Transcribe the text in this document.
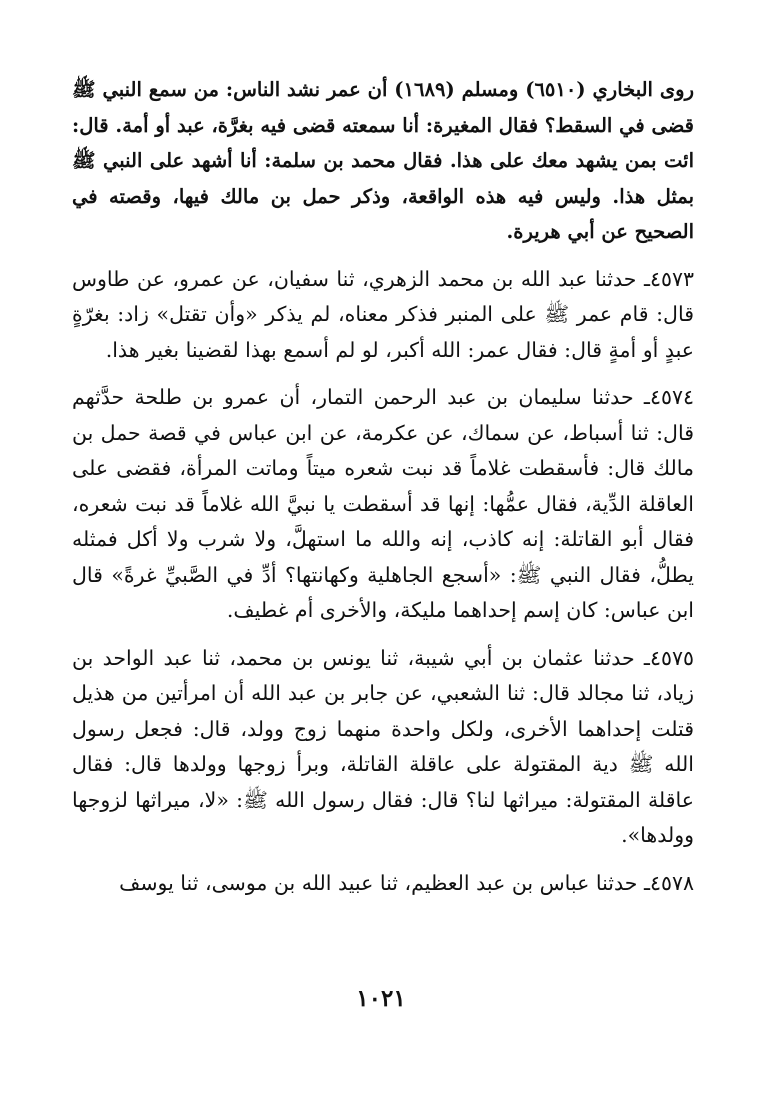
روى البخاري (٦٥١٠) ومسلم (١٦٨٩) أن عمر نشد الناس: من سمع النبي ﷺ قضى في السقط؟ فقال المغيرة: أنا سمعته قضى فيه بغرَّة، عبد أو أمة. قال: ائت بمن يشهد معك على هذا. فقال محمد بن سلمة: أنا أشهد على النبي ﷺ بمثل هذا. وليس فيه هذه الواقعة، وذكر حمل بن مالك فيها، وقصته في الصحيح عن أبي هريرة.

٤٥٧٣ـ حدثنا عبد الله بن محمد الزهري، ثنا سفيان، عن عمرو، عن طاوس قال: قام عمر ﷺ على المنبر فذكر معناه، لم يذكر «وأن تقتل» زاد: بغرّةٍ عبدٍ أو أمةٍ قال: فقال عمر: الله أكبر، لو لم أسمع بهذا لقضينا بغير هذا.

٤٥٧٤ـ حدثنا سليمان بن عبد الرحمن التمار، أن عمرو بن طلحة حدَّثهم قال: ثنا أسباط، عن سماك، عن عكرمة، عن ابن عباس في قصة حمل بن مالك قال: فأسقطت غلاماً قد نبت شعره ميتاً وماتت المرأة، فقضى على العاقلة الدِّية، فقال عمُّها: إنها قد أسقطت يا نبيَّ الله غلاماً قد نبت شعره، فقال أبو القاتلة: إنه كاذب، إنه والله ما استهلَّ، ولا شرب ولا أكل فمثله يطلُّ، فقال النبي ﷺ: «أسجع الجاهلية وكهانتها؟ أدِّ في الصَّبيِّ غرةً» قال ابن عباس: كان إسم إحداهما مليكة، والأخرى أم غطيف.

٤٥٧٥ـ حدثنا عثمان بن أبي شيبة، ثنا يونس بن محمد، ثنا عبد الواحد بن زياد، ثنا مجالد قال: ثنا الشعبي، عن جابر بن عبد الله أن امرأتين من هذيل قتلت إحداهما الأخرى، ولكل واحدة منهما زوج وولد، قال: فجعل رسول الله ﷺ دية المقتولة على عاقلة القاتلة، وبرأ زوجها وولدها قال: فقال عاقلة المقتولة: ميراثها لنا؟ قال: فقال رسول الله ﷺ: «لا، ميراثها لزوجها وولدها».

٤٥٧٨ـ حدثنا عباس بن عبد العظيم، ثنا عبيد الله بن موسى، ثنا يوسف

١٠٢١
